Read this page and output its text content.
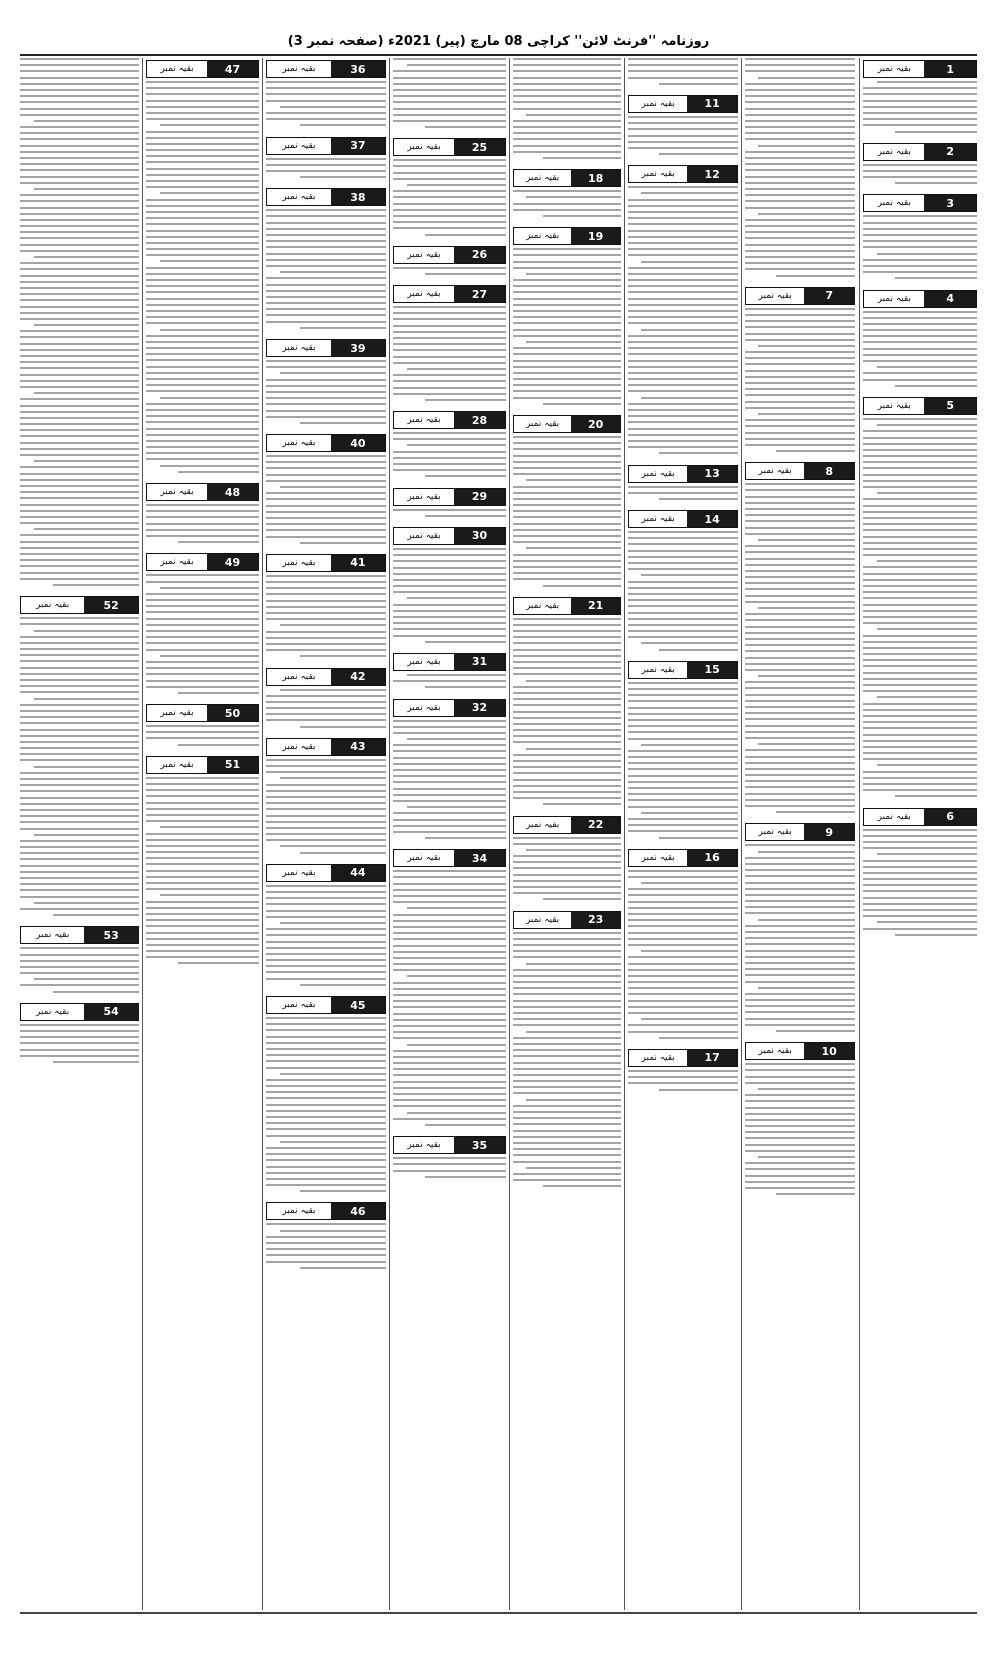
روزنامہ ''فرنٹ لائن'' کراچی 08 مارچ (پیر) 2021ء (صفحہ نمبر 3)
بقیہ نمبر	1
بقیہ نمبر	2
بقیہ نمبر	3
بقیہ نمبر	4
بقیہ نمبر	5
بقیہ نمبر	6
بقیہ نمبر	7
بقیہ نمبر	8
بقیہ نمبر	9
بقیہ نمبر	10
بقیہ نمبر	11
بقیہ نمبر	12
بقیہ نمبر	13
بقیہ نمبر	14
بقیہ نمبر	15
بقیہ نمبر	16
بقیہ نمبر	17
بقیہ نمبر	18
بقیہ نمبر	19
بقیہ نمبر	20
بقیہ نمبر	21
بقیہ نمبر	22
بقیہ نمبر	23
بقیہ نمبر	25
بقیہ نمبر	26
بقیہ نمبر	27
بقیہ نمبر	28
بقیہ نمبر	29
بقیہ نمبر	30
بقیہ نمبر	31
بقیہ نمبر	32
بقیہ نمبر	34
بقیہ نمبر	35
بقیہ نمبر	36
بقیہ نمبر	37
بقیہ نمبر	38
بقیہ نمبر	39
بقیہ نمبر	40
بقیہ نمبر	41
بقیہ نمبر	42
بقیہ نمبر	43
بقیہ نمبر	44
بقیہ نمبر	45
بقیہ نمبر	46
بقیہ نمبر	47
بقیہ نمبر	48
بقیہ نمبر	49
بقیہ نمبر	50
بقیہ نمبر	51
بقیہ نمبر	52
بقیہ نمبر	53
بقیہ نمبر	54
